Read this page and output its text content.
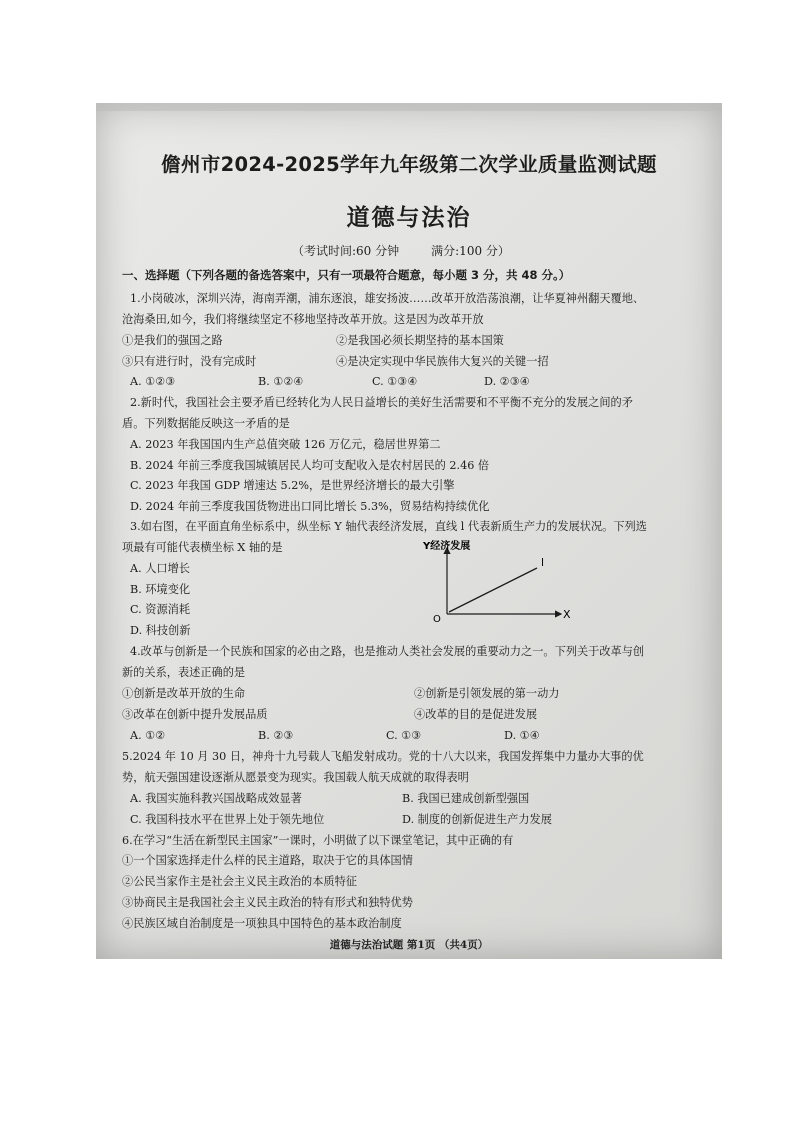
儋州市2024-2025学年九年级第二次学业质量监测试题
道德与法治
（考试时间:60 分钟	满分:100 分）
一、选择题（下列各题的备选答案中，只有一项最符合题意，每小题 3 分，共 48 分。）
1.小岗破冰，深圳兴涛，海南弄潮，浦东逐浪，雄安扬波……改革开放浩荡浪潮，让华夏神州翻天覆地、
沧海桑田,如今，我们将继续坚定不移地坚持改革开放。这是因为改革开放
①是我们的强国之路	②是我国必须长期坚持的基本国策
③只有进行时，没有完成时	④是决定实现中华民族伟大复兴的关键一招
A. ①②③	B. ①②④	C. ①③④	D. ②③④
2.新时代，我国社会主要矛盾已经转化为人民日益增长的美好生活需要和不平衡不充分的发展之间的矛
盾。下列数据能反映这一矛盾的是
A. 2023 年我国国内生产总值突破 126 万亿元，稳居世界第二
B. 2024 年前三季度我国城镇居民人均可支配收入是农村居民的 2.46 倍
C. 2023 年我国 GDP 增速达 5.2%，是世界经济增长的最大引擎
D. 2024 年前三季度我国货物进出口同比增长 5.3%，贸易结构持续优化
3.如右图，在平面直角坐标系中，纵坐标 Y 轴代表经济发展，直线 l 代表新质生产力的发展状况。下列选
项最有可能代表横坐标 X 轴的是
A. 人口增长
B. 环境变化
C. 资源消耗
D. 科技创新
Y经济发展
X
O
l
4.改革与创新是一个民族和国家的必由之路，也是推动人类社会发展的重要动力之一。下列关于改革与创
新的关系，表述正确的是
①创新是改革开放的生命	②创新是引领发展的第一动力
③改革在创新中提升发展品质	④改革的目的是促进发展
A. ①②	B. ②③	C. ①③	D. ①④
5.2024 年 10 月 30 日，神舟十九号载人飞船发射成功。党的十八大以来，我国发挥集中力量办大事的优
势，航天强国建设逐渐从愿景变为现实。我国载人航天成就的取得表明
A. 我国实施科教兴国战略成效显著	B. 我国已建成创新型强国
C. 我国科技水平在世界上处于领先地位	D. 制度的创新促进生产力发展
6.在学习“生活在新型民主国家”一课时，小明做了以下课堂笔记，其中正确的有
①一个国家选择走什么样的民主道路，取决于它的具体国情
②公民当家作主是社会主义民主政治的本质特征
③协商民主是我国社会主义民主政治的特有形式和独特优势
④民族区域自治制度是一项独具中国特色的基本政治制度
道德与法治试题 第1页 （共4页）
